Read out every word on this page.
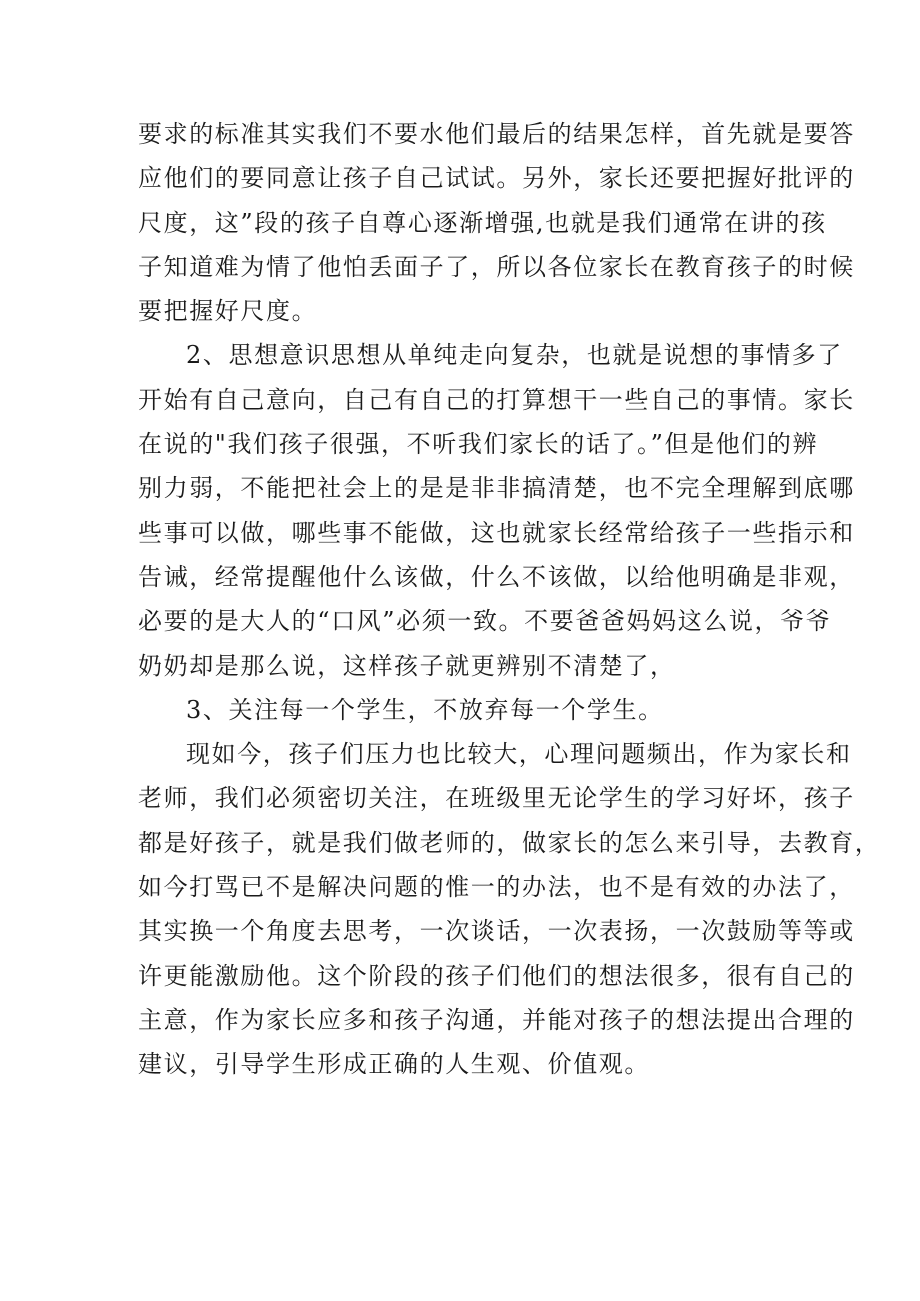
要求的标准其实我们不要水他们最后的结果怎样，首先就是要答
应他们的要同意让孩子自己试试。另外，家长还要把握好批评的
尺度，这”段的孩子自尊心逐渐增强,也就是我们通常在讲的孩
子知道难为情了他怕丢面子了，所以各位家长在教育孩子的时候
要把握好尺度。
2、思想意识思想从单纯走向复杂，也就是说想的事情多了
开始有自己意向，自己有自己的打算想干一些自己的事情。家长
在说的"我们孩子很强，不听我们家长的话了。”但是他们的辨
别力弱，不能把社会上的是是非非搞清楚，也不完全理解到底哪
些事可以做，哪些事不能做，这也就家长经常给孩子一些指示和
告诫，经常提醒他什么该做，什么不该做，以给他明确是非观，
必要的是大人的“口风”必须一致。不要爸爸妈妈这么说，爷爷
奶奶却是那么说，这样孩子就更辨别不清楚了，
3、关注每一个学生，不放弃每一个学生。
现如今，孩子们压力也比较大，心理问题频出，作为家长和
老师，我们必须密切关注，在班级里无论学生的学习好坏，孩子
都是好孩子，就是我们做老师的，做家长的怎么来引导，去教育，
如今打骂已不是解决问题的惟一的办法，也不是有效的办法了，
其实换一个角度去思考，一次谈话，一次表扬，一次鼓励等等或
许更能激励他。这个阶段的孩子们他们的想法很多，很有自己的
主意，作为家长应多和孩子沟通，并能对孩子的想法提出合理的
建议，引导学生形成正确的人生观、价值观。
